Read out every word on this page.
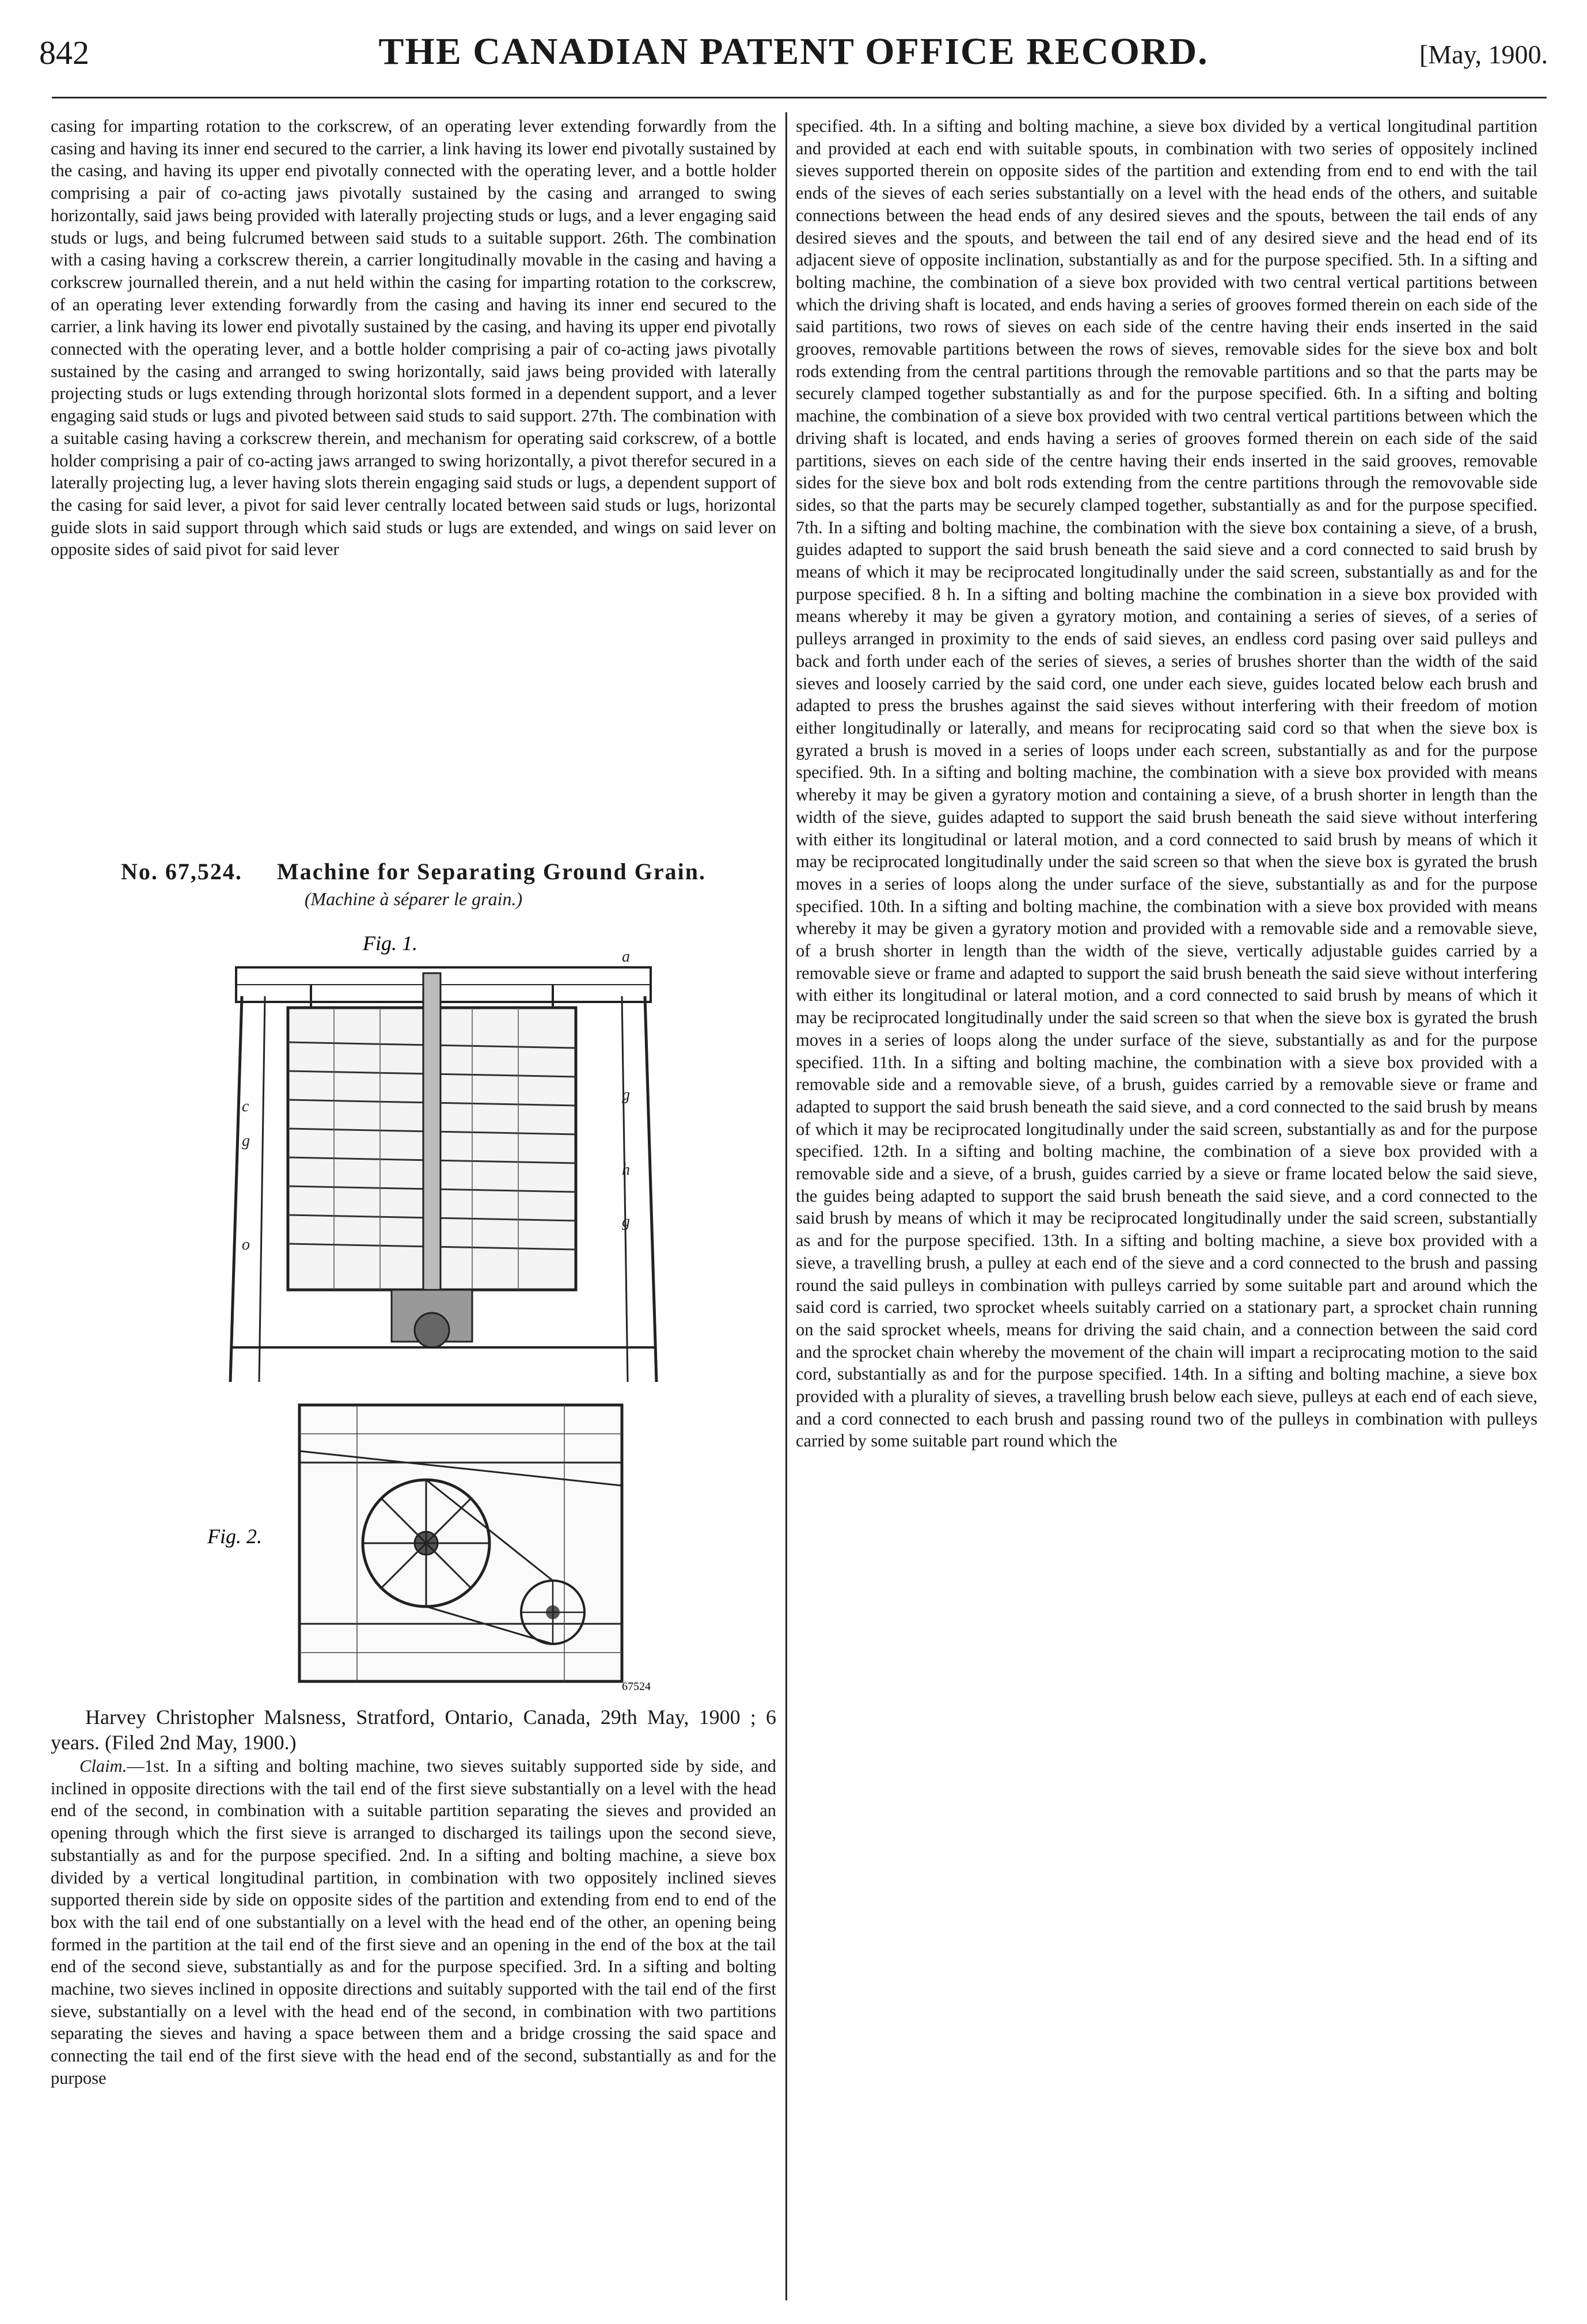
842	THE CANADIAN PATENT OFFICE RECORD.	[May, 1900.

casing for imparting rotation to the corkscrew, of an operating lever extending forwardly from the casing and having its inner end secured to the carrier, a link having its lower end pivotally sustained by the casing, and having its upper end pivotally connected with the operating lever, and a bottle holder comprising a pair of co-acting jaws pivotally sustained by the casing and arranged to swing horizontally, said jaws being provided with laterally projecting studs or lugs, and a lever engaging said studs or lugs, and being fulcrumed between said studs to a suitable support. 26th. The combination with a casing having a corkscrew therein, a carrier longitudinally movable in the casing and having a corkscrew journalled therein, and a nut held within the casing for imparting rotation to the corkscrew, of an operating lever extending forwardly from the casing and having its inner end secured to the carrier, a link having its lower end pivotally sustained by the casing, and having its upper end pivotally connected with the operating lever, and a bottle holder comprising a pair of co-acting jaws pivotally sustained by the casing and arranged to swing horizontally, said jaws being provided with laterally projecting studs or lugs extending through horizontal slots formed in a dependent support, and a lever engaging said studs or lugs and pivoted between said studs to said support. 27th. The combination with a suitable casing having a corkscrew therein, and mechanism for operating said corkscrew, of a bottle holder comprising a pair of co-acting jaws arranged to swing horizontally, a pivot therefor secured in a laterally projecting lug, a lever having slots therein engaging said studs or lugs, a dependent support of the casing for said lever, a pivot for said lever centrally located between said studs or lugs, horizontal guide slots in said support through which said studs or lugs are extended, and wings on said lever on opposite sides of said pivot for said lever

No. 67,524. Machine for Separating Ground Grain.
(Machine à séparer le grain.)
Fig. 1.
c
g
g
h
g
a
o
Fig. 2.
67524

Harvey Christopher Malsness, Stratford, Ontario, Canada, 29th May, 1900 ; 6 years. (Filed 2nd May, 1900.)

Claim.—1st. In a sifting and bolting machine, two sieves suitably supported side by side, and inclined in opposite directions with the tail end of the first sieve substantially on a level with the head end of the second, in combination with a suitable partition separating the sieves and provided an opening through which the first sieve is arranged to discharged its tailings upon the second sieve, substantially as and for the purpose specified. 2nd. In a sifting and bolting machine, a sieve box divided by a vertical longitudinal partition, in combination with two oppositely inclined sieves supported therein side by side on opposite sides of the partition and extending from end to end of the box with the tail end of one substantially on a level with the head end of the other, an opening being formed in the partition at the tail end of the first sieve and an opening in the end of the box at the tail end of the second sieve, substantially as and for the purpose specified. 3rd. In a sifting and bolting machine, two sieves inclined in opposite directions and suitably supported with the tail end of the first sieve, substantially on a level with the head end of the second, in combination with two partitions separating the sieves and having a space between them and a bridge crossing the said space and connecting the tail end of the first sieve with the head end of the second, substantially as and for the purpose

specified. 4th. In a sifting and bolting machine, a sieve box divided by a vertical longitudinal partition and provided at each end with suitable spouts, in combination with two series of oppositely inclined sieves supported therein on opposite sides of the partition and extending from end to end with the tail ends of the sieves of each series substantially on a level with the head ends of the others, and suitable connections between the head ends of any desired sieves and the spouts, between the tail ends of any desired sieves and the spouts, and between the tail end of any desired sieve and the head end of its adjacent sieve of opposite inclination, substantially as and for the purpose specified. 5th. In a sifting and bolting machine, the combination of a sieve box provided with two central vertical partitions between which the driving shaft is located, and ends having a series of grooves formed therein on each side of the said partitions, two rows of sieves on each side of the centre having their ends inserted in the said grooves, removable partitions between the rows of sieves, removable sides for the sieve box and bolt rods extending from the central partitions through the removable partitions and so that the parts may be securely clamped together substantially as and for the purpose specified. 6th. In a sifting and bolting machine, the combination of a sieve box provided with two central vertical partitions between which the driving shaft is located, and ends having a series of grooves formed therein on each side of the said partitions, sieves on each side of the centre having their ends inserted in the said grooves, removable sides for the sieve box and bolt rods extending from the centre partitions through the removovable side sides, so that the parts may be securely clamped together, substantially as and for the purpose specified. 7th. In a sifting and bolting machine, the combination with the sieve box containing a sieve, of a brush, guides adapted to support the said brush beneath the said sieve and a cord connected to said brush by means of which it may be reciprocated longitudinally under the said screen, substantially as and for the purpose specified. 8 h. In a sifting and bolting machine the combination in a sieve box provided with means whereby it may be given a gyratory motion, and containing a series of sieves, of a series of pulleys arranged in proximity to the ends of said sieves, an endless cord pasing over said pulleys and back and forth under each of the series of sieves, a series of brushes shorter than the width of the said sieves and loosely carried by the said cord, one under each sieve, guides located below each brush and adapted to press the brushes against the said sieves without interfering with their freedom of motion either longitudinally or laterally, and means for reciprocating said cord so that when the sieve box is gyrated a brush is moved in a series of loops under each screen, substantially as and for the purpose specified. 9th. In a sifting and bolting machine, the combination with a sieve box provided with means whereby it may be given a gyratory motion and containing a sieve, of a brush shorter in length than the width of the sieve, guides adapted to support the said brush beneath the said sieve without interfering with either its longitudinal or lateral motion, and a cord connected to said brush by means of which it may be reciprocated longitudinally under the said screen so that when the sieve box is gyrated the brush moves in a series of loops along the under surface of the sieve, substantially as and for the purpose specified. 10th. In a sifting and bolting machine, the combination with a sieve box provided with means whereby it may be given a gyratory motion and provided with a removable side and a removable sieve, of a brush shorter in length than the width of the sieve, vertically adjustable guides carried by a removable sieve or frame and adapted to support the said brush beneath the said sieve without interfering with either its longitudinal or lateral motion, and a cord connected to said brush by means of which it may be reciprocated longitudinally under the said screen so that when the sieve box is gyrated the brush moves in a series of loops along the under surface of the sieve, substantially as and for the purpose specified. 11th. In a sifting and bolting machine, the combination with a sieve box provided with a removable side and a removable sieve, of a brush, guides carried by a removable sieve or frame and adapted to support the said brush beneath the said sieve, and a cord connected to the said brush by means of which it may be reciprocated longitudinally under the said screen, substantially as and for the purpose specified. 12th. In a sifting and bolting machine, the combination of a sieve box provided with a removable side and a sieve, of a brush, guides carried by a sieve or frame located below the said sieve, the guides being adapted to support the said brush beneath the said sieve, and a cord connected to the said brush by means of which it may be reciprocated longitudinally under the said screen, substantially as and for the purpose specified. 13th. In a sifting and bolting machine, a sieve box provided with a sieve, a travelling brush, a pulley at each end of the sieve and a cord connected to the brush and passing round the said pulleys in combination with pulleys carried by some suitable part and around which the said cord is carried, two sprocket wheels suitably carried on a stationary part, a sprocket chain running on the said sprocket wheels, means for driving the said chain, and a connection between the said cord and the sprocket chain whereby the movement of the chain will impart a reciprocating motion to the said cord, substantially as and for the purpose specified. 14th. In a sifting and bolting machine, a sieve box provided with a plurality of sieves, a travelling brush below each sieve, pulleys at each end of each sieve, and a cord connected to each brush and passing round two of the pulleys in combination with pulleys carried by some suitable part round which the
